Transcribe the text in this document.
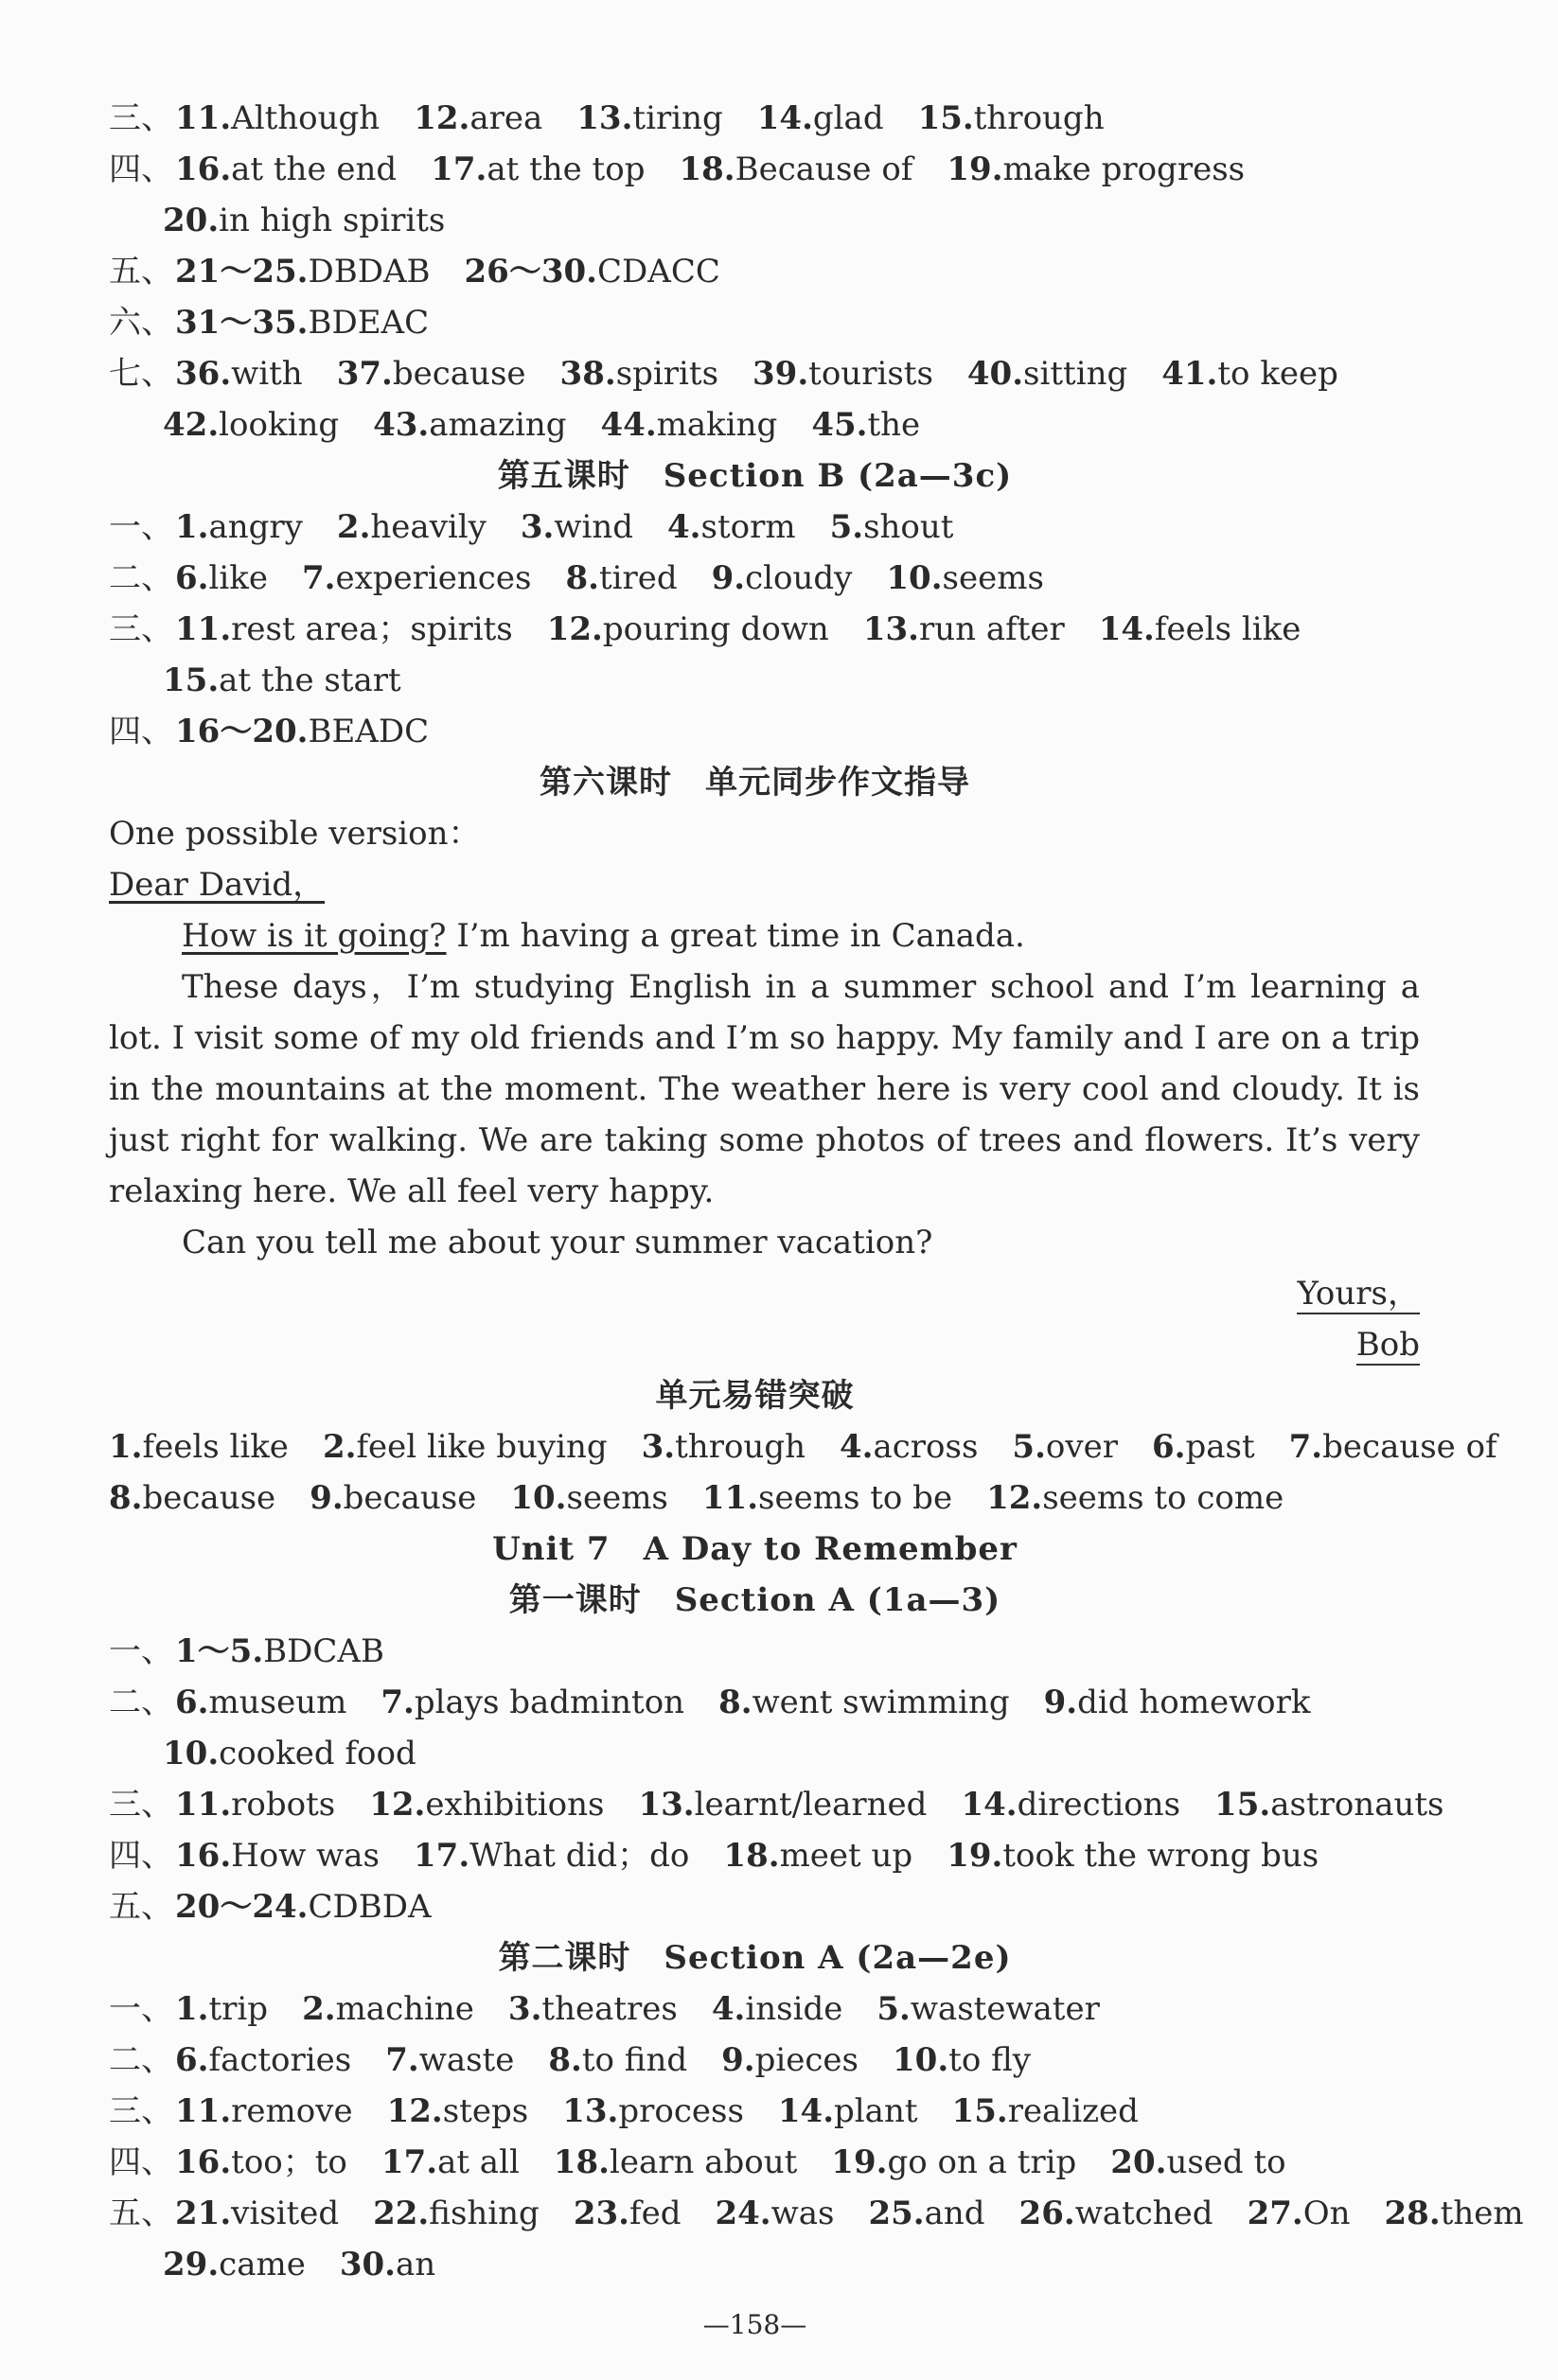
三、11.Although 12.area 13.tiring 14.glad 15.through
四、16.at the end 17.at the top 18.Because of 19.make progress
20.in high spirits
五、21～25.DBDAB 26～30.CDACC
六、31～35.BDEAC
七、36.with 37.because 38.spirits 39.tourists 40.sitting 41.to keep
42.looking 43.amazing 44.making 45.the
第五课时　Section B (2a—3c)
一、1.angry 2.heavily 3.wind 4.storm 5.shout
二、6.like 7.experiences 8.tired 9.cloudy 10.seems
三、11.rest area；spirits 12.pouring down 13.run after 14.feels like
15.at the start
四、16～20.BEADC
第六课时　单元同步作文指导
One possible version：
Dear David，
How is it going? I’m having a great time in Canada.
These days，I’m studying English in a summer school and I’m learning a lot. I visit some of my old friends and I’m so happy. My family and I are on a trip in the mountains at the moment. The weather here is very cool and cloudy. It is just right for walking. We are taking some photos of trees and flowers. It’s very relaxing here. We all feel very happy.
Can you tell me about your summer vacation?
Yours，
Bob
单元易错突破
1.feels like 2.feel like buying 3.through 4.across 5.over 6.past 7.because of
8.because 9.because 10.seems 11.seems to be 12.seems to come
Unit 7　A Day to Remember
第一课时　Section A (1a—3)
一、1～5.BDCAB
二、6.museum 7.plays badminton 8.went swimming 9.did homework
10.cooked food
三、11.robots 12.exhibitions 13.learnt/learned 14.directions 15.astronauts
四、16.How was 17.What did；do 18.meet up 19.took the wrong bus
五、20～24.CDBDA
第二课时　Section A (2a—2e)
一、1.trip 2.machine 3.theatres 4.inside 5.wastewater
二、6.factories 7.waste 8.to find 9.pieces 10.to fly
三、11.remove 12.steps 13.process 14.plant 15.realized
四、16.too；to 17.at all 18.learn about 19.go on a trip 20.used to
五、21.visited 22.fishing 23.fed 24.was 25.and 26.watched 27.On 28.them
29.came 30.an
—158—
